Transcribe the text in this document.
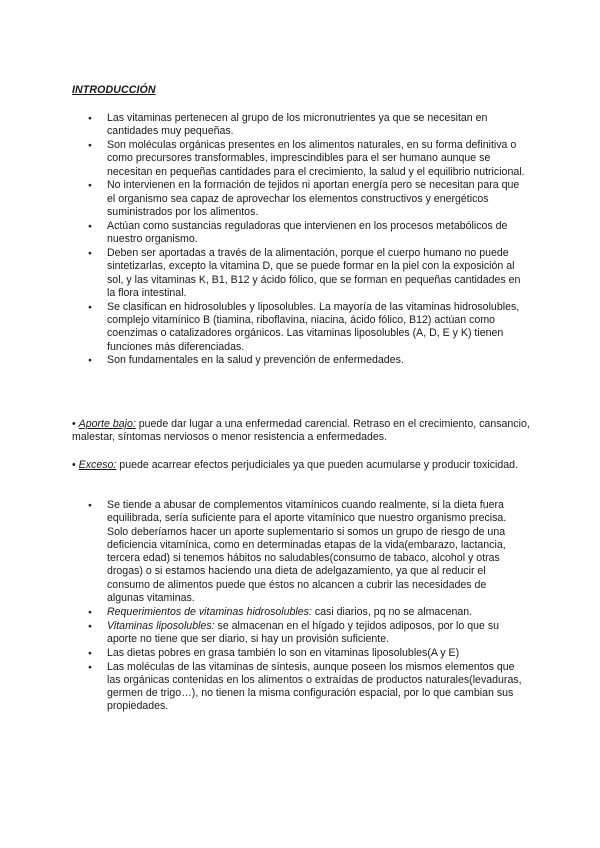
INTRODUCCIÓN
● Las vitaminas pertenecen al grupo de los micronutrientes ya que se necesitan en cantidades muy pequeñas.
● Son moléculas orgánicas presentes en los alimentos naturales, en su forma definitiva o como precursores transformables, imprescindibles para el ser humano aunque se necesitan en pequeñas cantidades para el crecimiento, la salud y el equilibrio nutricional.
● No intervienen en la formación de tejidos ni aportan energía pero se necesitan para que el organismo sea capaz de aprovechar los elementos constructivos y energéticos suministrados por los alimentos.
● Actúan como sustancias reguladoras que intervienen en los procesos metabólicos de nuestro organismo.
● Deben ser aportadas a través de la alimentación, porque el cuerpo humano no puede sintetizarlas, excepto la vitamina D, que se puede formar en la piel con la exposición al sol, y las vitaminas K, B1, B12 y ácido fólico, que se forman en pequeñas cantidades en la flora intestinal.
● Se clasifican en hidrosolubles y liposolubles. La mayoría de las vitaminas hidrosolubles, complejo vitamínico B (tiamina, riboflavina, niacina, ácido fólico, B12) actúan como coenzimas o catalizadores orgánicos. Las vitaminas liposolubles (A, D, E y K) tienen funciones más diferenciadas.
● Son fundamentales en la salud y prevención de enfermedades.
• Aporte bajo: puede dar lugar a una enfermedad carencial. Retraso en el crecimiento, cansancio, malestar, síntomas nerviosos o menor resistencia a enfermedades.
• Exceso: puede acarrear efectos perjudiciales ya que pueden acumularse y producir toxicidad.
● Se tiende a abusar de complementos vitamínicos cuando realmente, si la dieta fuera equilibrada, sería suficiente para el aporte vitamínico que nuestro organismo precisa. Solo deberíamos hacer un aporte suplementario si somos un grupo de riesgo de una deficiencia vitamínica, como en determinadas etapas de la vida(embarazo, lactancia, tercera edad) si tenemos hábitos no saludables(consumo de tabaco, alcohol y otras drogas) o si estamos haciendo una dieta de adelgazamiento, ya que al reducir el consumo de alimentos puede que éstos no alcancen a cubrir las necesidades de algunas vitaminas.
● Requerimientos de vitaminas hidrosolubles: casi diarios, pq no se almacenan.
● Vitaminas liposolubles: se almacenan en el hígado y tejidos adiposos, por lo que su aporte no tiene que ser diario, si hay un provisión suficiente.
● Las dietas pobres en grasa también lo son en vitaminas liposolubles(A y E)
● Las moléculas de las vitaminas de síntesis, aunque poseen los mismos elementos que las orgánicas contenidas en los alimentos o extraídas de productos naturales(levaduras, germen de trigo…), no tienen la misma configuración espacial, por lo que cambian sus propiedades.
